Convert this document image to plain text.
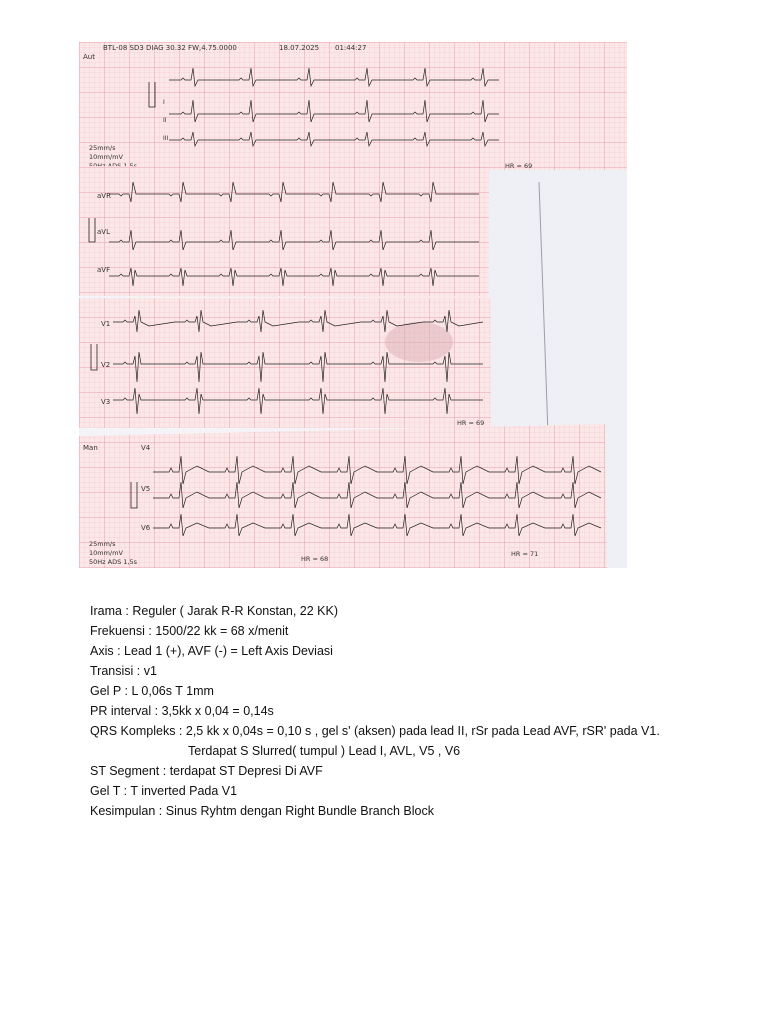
BTL-08 SD3 DIAG 30.32 FW,4.75.0000	18.07.2025 01:44:27
Aut
I
II
III
25mm/s
10mm/mV
HR = 69
aVR
aVL
aVF
V1
V2
V3
HR = 69
Man	V4
V5
V6
25mm/s
10mm/mV
50Hz ADS 1,5s	HR = 68
HR = 71
Irama : Reguler ( Jarak R-R Konstan, 22 KK)
Frekuensi : 1500/22 kk = 68 x/menit
Axis : Lead 1 (+), AVF (-) = Left Axis Deviasi
Transisi : v1
Gel P : L 0,06s T 1mm
PR interval : 3,5kk x 0,04 = 0,14s
QRS Kompleks : 2,5 kk x 0,04s = 0,10 s , gel s' (aksen) pada lead II, rSr pada Lead AVF, rSR' pada V1.
Terdapat S Slurred( tumpul ) Lead I, AVL, V5 , V6
ST Segment : terdapat ST Depresi Di AVF
Gel T : T inverted Pada V1
Kesimpulan : Sinus Ryhtm dengan Right Bundle Branch Block
